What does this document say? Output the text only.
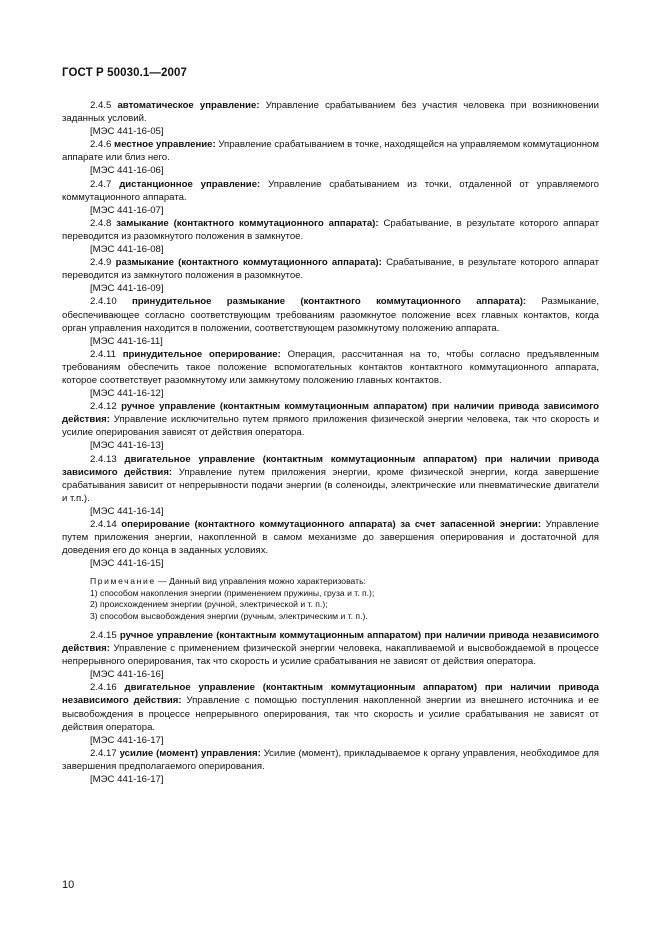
ГОСТ Р 50030.1—2007

2.4.5 автоматическое управление: Управление срабатыванием без участия человека при возникновении заданных условий.

[МЭС 441-16-05]

2.4.6 местное управление: Управление срабатыванием в точке, находящейся на управляемом коммутационном аппарате или близ него.

[МЭС 441-16-06]

2.4.7 дистанционное управление: Управление срабатыванием из точки, отдаленной от управляемого коммутационного аппарата.

[МЭС 441-16-07]

2.4.8 замыкание (контактного коммутационного аппарата): Срабатывание, в результате которого аппарат переводится из разомкнутого положения в замкнутое.

[МЭС 441-16-08]

2.4.9 размыкание (контактного коммутационного аппарата): Срабатывание, в результате которого аппарат переводится из замкнутого положения в разомкнутое.

[МЭС 441-16-09]

2.4.10 принудительное размыкание (контактного коммутационного аппарата): Размыкание, обеспечивающее согласно соответствующим требованиям разомкнутое положение всех главных контактов, когда орган управления находится в положении, соответствующем разомкнутому положению аппарата.

[МЭС 441-16-11]

2.4.11 принудительное оперирование: Операция, рассчитанная на то, чтобы согласно предъявленным требованиям обеспечить такое положение вспомогательных контактов контактного коммутационного аппарата, которое соответствует разомкнутому или замкнутому положению главных контактов.

[МЭС 441-16-12]

2.4.12 ручное управление (контактным коммутационным аппаратом) при наличии привода зависимого действия: Управление исключительно путем прямого приложения физической энергии человека, так что скорость и усилие оперирования зависят от действия оператора.

[МЭС 441-16-13]

2.4.13 двигательное управление (контактным коммутационным аппаратом) при наличии привода зависимого действия: Управление путем приложения энергии, кроме физической энергии, когда завершение срабатывания зависит от непрерывности подачи энергии (в соленоиды, электрические или пневматические двигатели и т.п.).

[МЭС 441-16-14]

2.4.14 оперирование (контактного коммутационного аппарата) за счет запасенной энергии: Управление путем приложения энергии, накопленной в самом механизме до завершения оперирования и достаточной для доведения его до конца в заданных условиях.

[МЭС 441-16-15]
Примечание — Данный вид управления можно характеризовать:
1) способом накопления энергии (применением пружины, груза и т. п.);
2) происхождением энергии (ручной, электрической и т. п.);
3) способом высвобождения энергии (ручным, электрическим и т. п.).

2.4.15 ручное управление (контактным коммутационным аппаратом) при наличии привода независимого действия: Управление с применением физической энергии человека, накапливаемой и высвобождаемой в процессе непрерывного оперирования, так что скорость и усилие срабатывания не зависят от действия оператора.

[МЭС 441-16-16]

2.4.16 двигательное управление (контактным коммутационным аппаратом) при наличии привода независимого действия: Управление с помощью поступления накопленной энергии из внешнего источника и ее высвобождения в процессе непрерывного оперирования, так что скорость и усилие срабатывания не зависят от действия оператора.

[МЭС 441-16-17]

2.4.17 усилие (момент) управления: Усилие (момент), прикладываемое к органу управления, необходимое для завершения предполагаемого оперирования.

[МЭС 441-16-17]
10
